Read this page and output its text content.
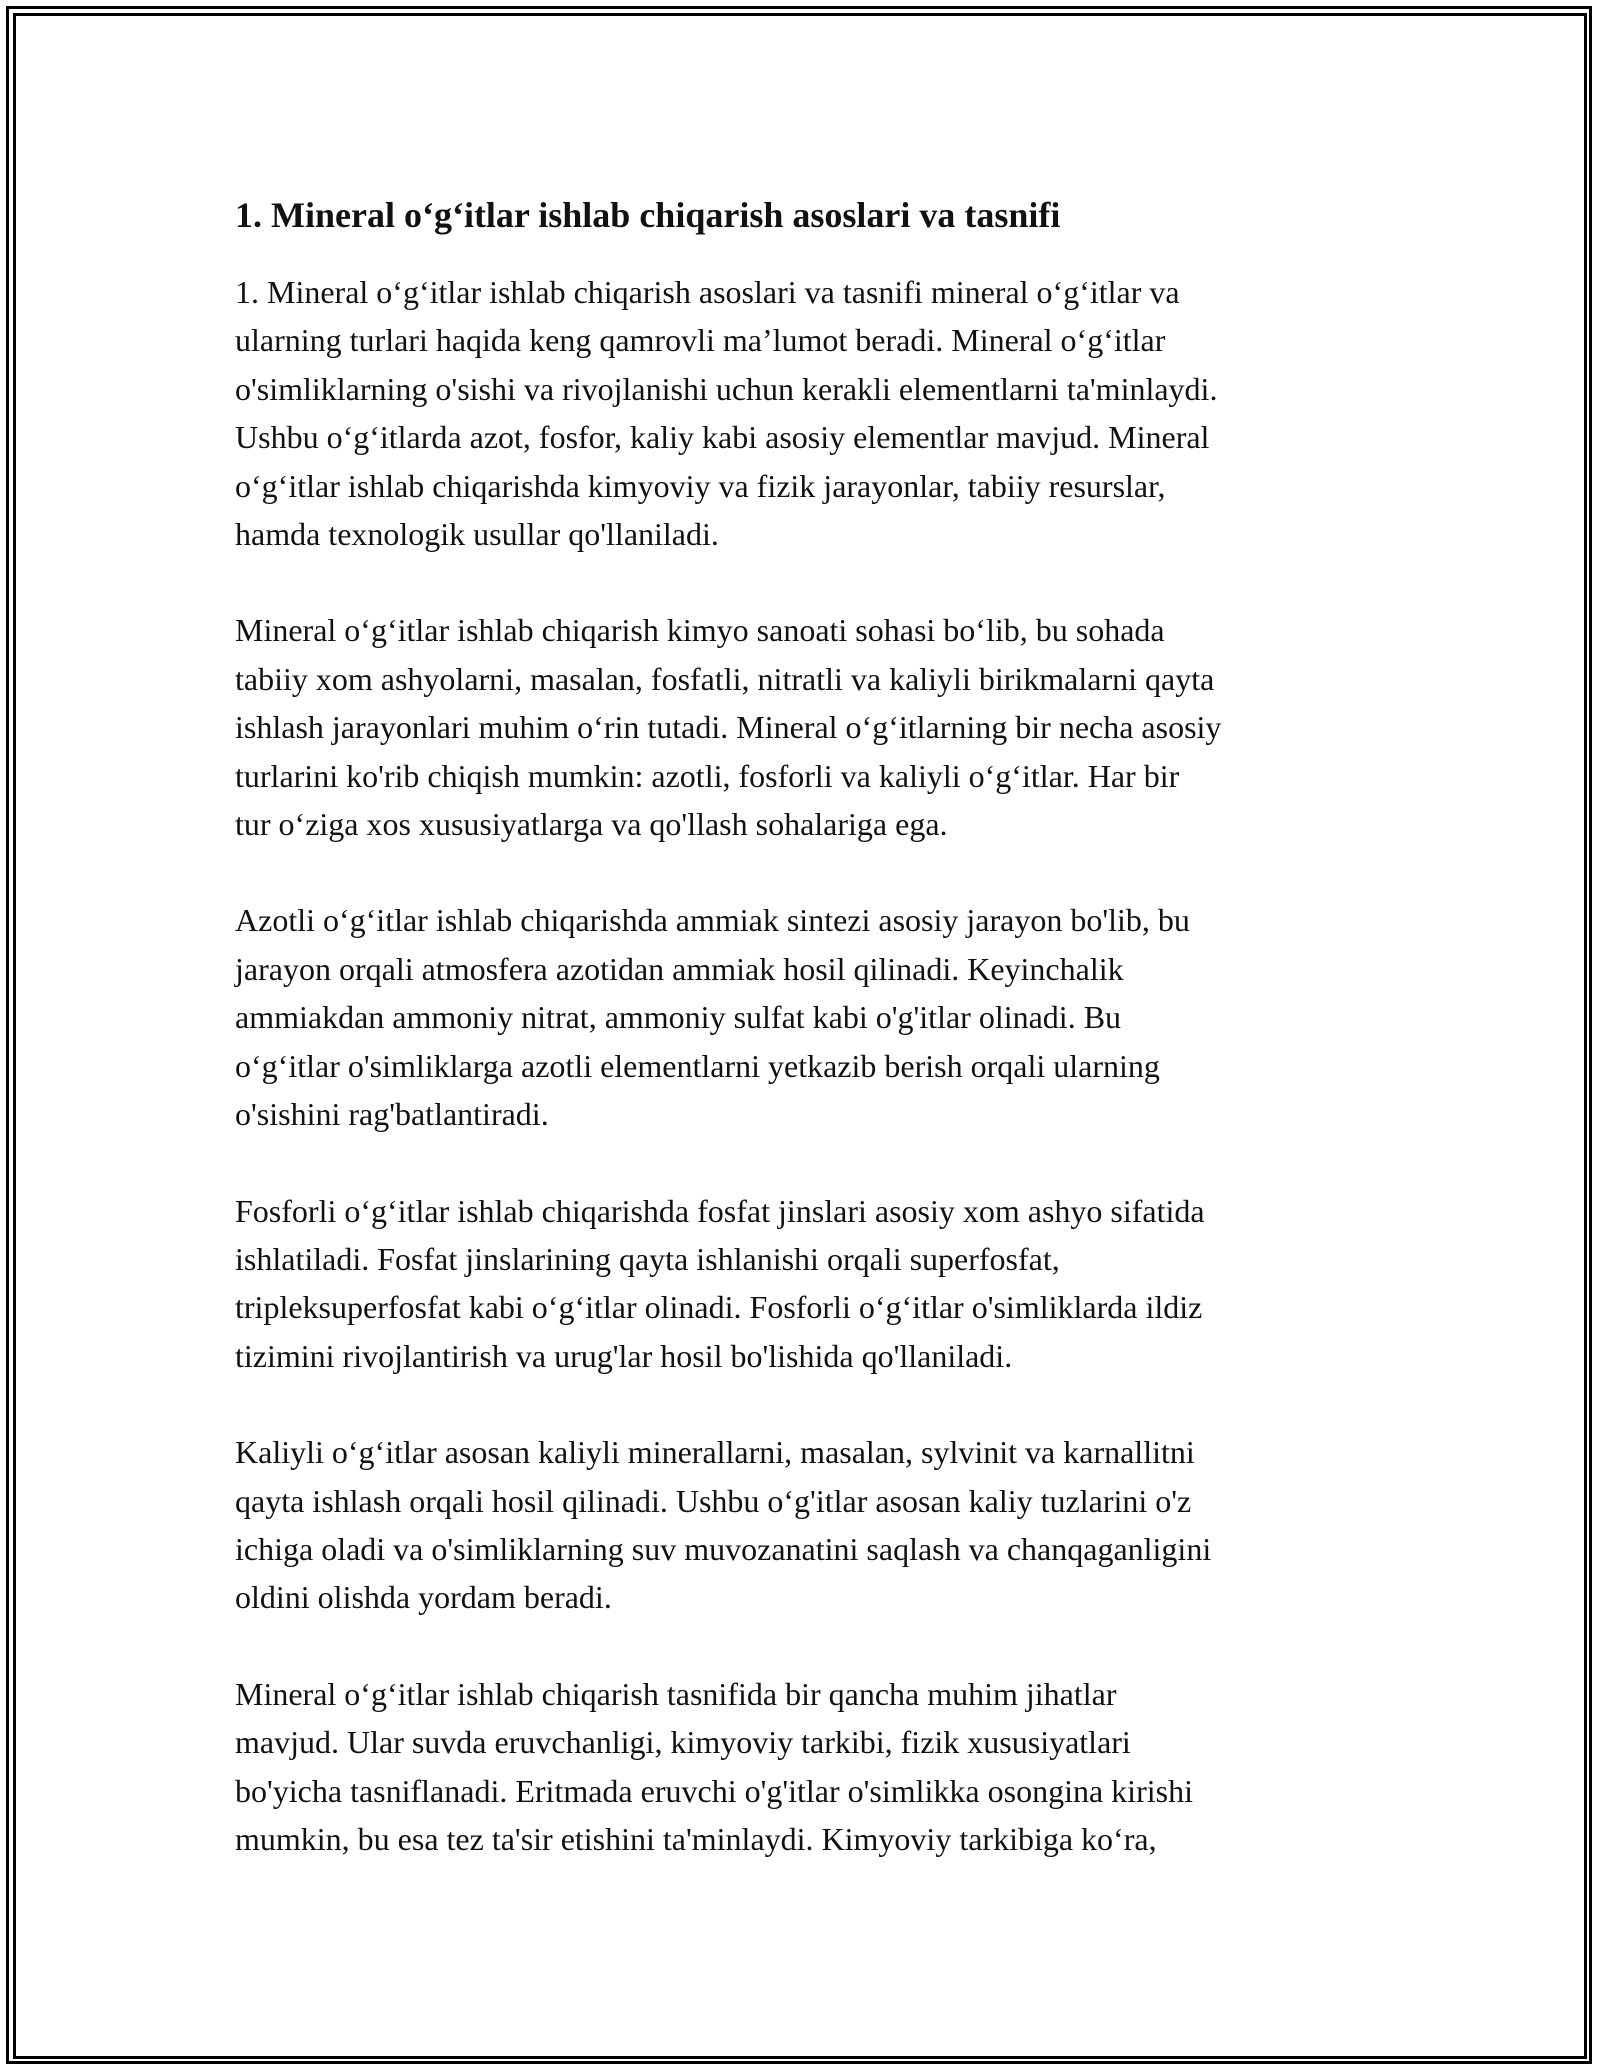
1. Mineral o‘g‘itlar ishlab chiqarish asoslari va tasnifi

1. Mineral o‘g‘itlar ishlab chiqarish asoslari va tasnifi mineral o‘g‘itlar va
ularning turlari haqida keng qamrovli ma’lumot beradi. Mineral o‘g‘itlar
o'simliklarning o'sishi va rivojlanishi uchun kerakli elementlarni ta'minlaydi.
Ushbu o‘g‘itlarda azot, fosfor, kaliy kabi asosiy elementlar mavjud. Mineral
o‘g‘itlar ishlab chiqarishda kimyoviy va fizik jarayonlar, tabiiy resurslar,
hamda texnologik usullar qo'llaniladi.

Mineral o‘g‘itlar ishlab chiqarish kimyo sanoati sohasi bo‘lib, bu sohada
tabiiy xom ashyolarni, masalan, fosfatli, nitratli va kaliyli birikmalarni qayta
ishlash jarayonlari muhim o‘rin tutadi. Mineral o‘g‘itlarning bir necha asosiy
turlarini ko'rib chiqish mumkin: azotli, fosforli va kaliyli o‘g‘itlar. Har bir
tur o‘ziga xos xususiyatlarga va qo'llash sohalariga ega.

Azotli o‘g‘itlar ishlab chiqarishda ammiak sintezi asosiy jarayon bo'lib, bu
jarayon orqali atmosfera azotidan ammiak hosil qilinadi. Keyinchalik
ammiakdan ammoniy nitrat, ammoniy sulfat kabi o'g'itlar olinadi. Bu
o‘g‘itlar o'simliklarga azotli elementlarni yetkazib berish orqali ularning
o'sishini rag'batlantiradi.

Fosforli o‘g‘itlar ishlab chiqarishda fosfat jinslari asosiy xom ashyo sifatida
ishlatiladi. Fosfat jinslarining qayta ishlanishi orqali superfosfat,
tripleksuperfosfat kabi o‘g‘itlar olinadi. Fosforli o‘g‘itlar o'simliklarda ildiz
tizimini rivojlantirish va urug'lar hosil bo'lishida qo'llaniladi.

Kaliyli o‘g‘itlar asosan kaliyli minerallarni, masalan, sylvinit va karnallitni
qayta ishlash orqali hosil qilinadi. Ushbu o‘g'itlar asosan kaliy tuzlarini o'z
ichiga oladi va o'simliklarning suv muvozanatini saqlash va chanqaganligini
oldini olishda yordam beradi.

Mineral o‘g‘itlar ishlab chiqarish tasnifida bir qancha muhim jihatlar
mavjud. Ular suvda eruvchanligi, kimyoviy tarkibi, fizik xususiyatlari
bo'yicha tasniflanadi. Eritmada eruvchi o'g'itlar o'simlikka osongina kirishi
mumkin, bu esa tez ta'sir etishini ta'minlaydi. Kimyoviy tarkibiga ko‘ra,
